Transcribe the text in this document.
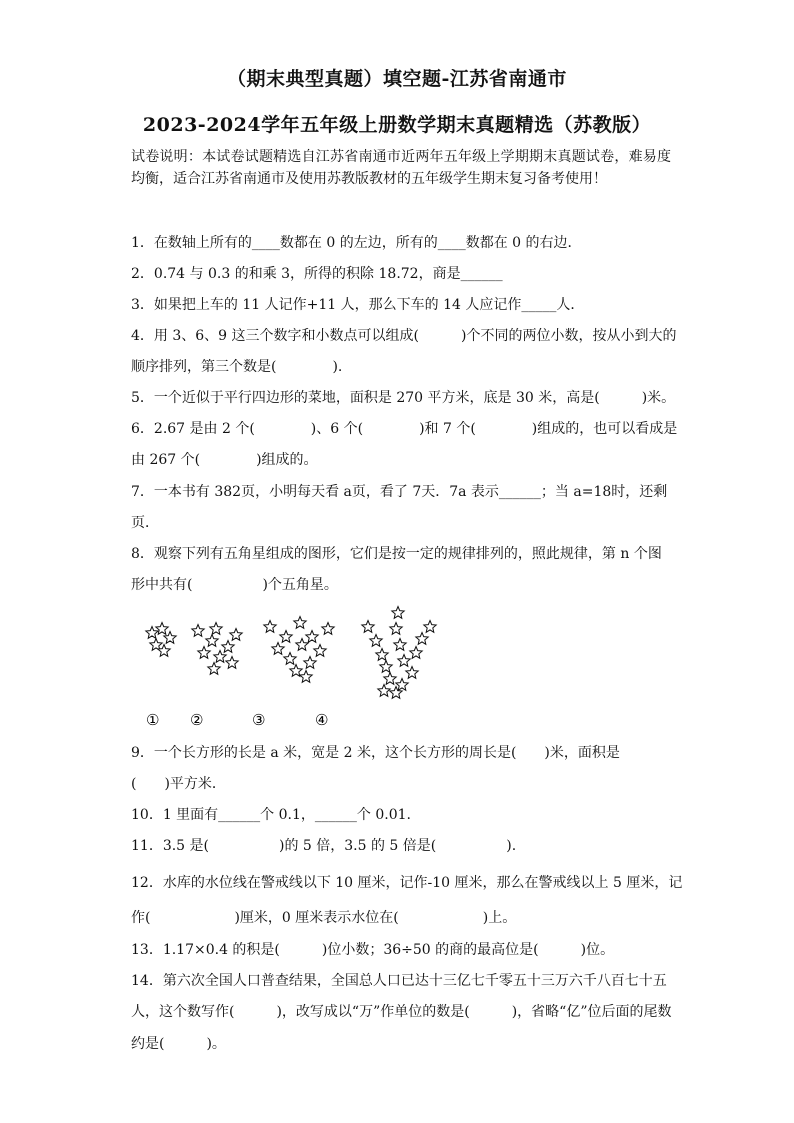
（期末典型真题）填空题-江苏省南通市
2023-2024学年五年级上册数学期末真题精选（苏教版）
试卷说明：本试卷试题精选自江苏省南通市近两年五年级上学期期末真题试卷，难易度均衡，适合江苏省南通市及使用苏教版教材的五年级学生期末复习备考使用！
1．在数轴上所有的____数都在 0 的左边，所有的____数都在 0 的右边．
2．0.74 与 0.3 的和乘 3，所得的积除 18.72，商是______
3．如果把上车的 11 人记作+11 人，那么下车的 14 人应记作_____人．
4．用 3、6、9 这三个数字和小数点可以组成(　　　)个不同的两位小数，按从小到大的
顺序排列，第三个数是(　　　　).
5．一个近似于平行四边形的菜地，面积是 270 平方米，底是 30 米，高是(　　　)米。
6．2.67 是由 2 个(　　　　)、6 个(　　　　)和 7 个(　　　　)组成的，也可以看成是
由 267 个(　　　　)组成的。
7．一本书有 382页，小明每天看 a页，看了 7天．7a 表示______；当 a=18时，还剩
页．
8．观察下列有五角星组成的图形，它们是按一定的规律排列的，照此规律，第 n 个图
形中共有(　　　　　)个五角星。
① ②	③	④
9．一个长方形的长是 a 米，宽是 2 米，这个长方形的周长是(　　)米，面积是
(　　)平方米．
10．1 里面有______个 0.1，______个 0.01.
11．3.5 是(　　　　　)的 5 倍，3.5 的 5 倍是(　　　　　).
12．水库的水位线在警戒线以下 10 厘米，记作-10 厘米，那么在警戒线以上 5 厘米，记
作(　　　　　　)厘米，0 厘米表示水位在(　　　　　　)上。
13．1.17×0.4 的积是(　　　)位小数；36÷50 的商的最高位是(　　　)位。
14．第六次全国人口普查结果，全国总人口已达十三亿七千零五十三万六千八百七十五
人，这个数写作(　　　)，改写成以“万”作单位的数是(　　　)，省略“亿”位后面的尾数
约是(　　　)。
